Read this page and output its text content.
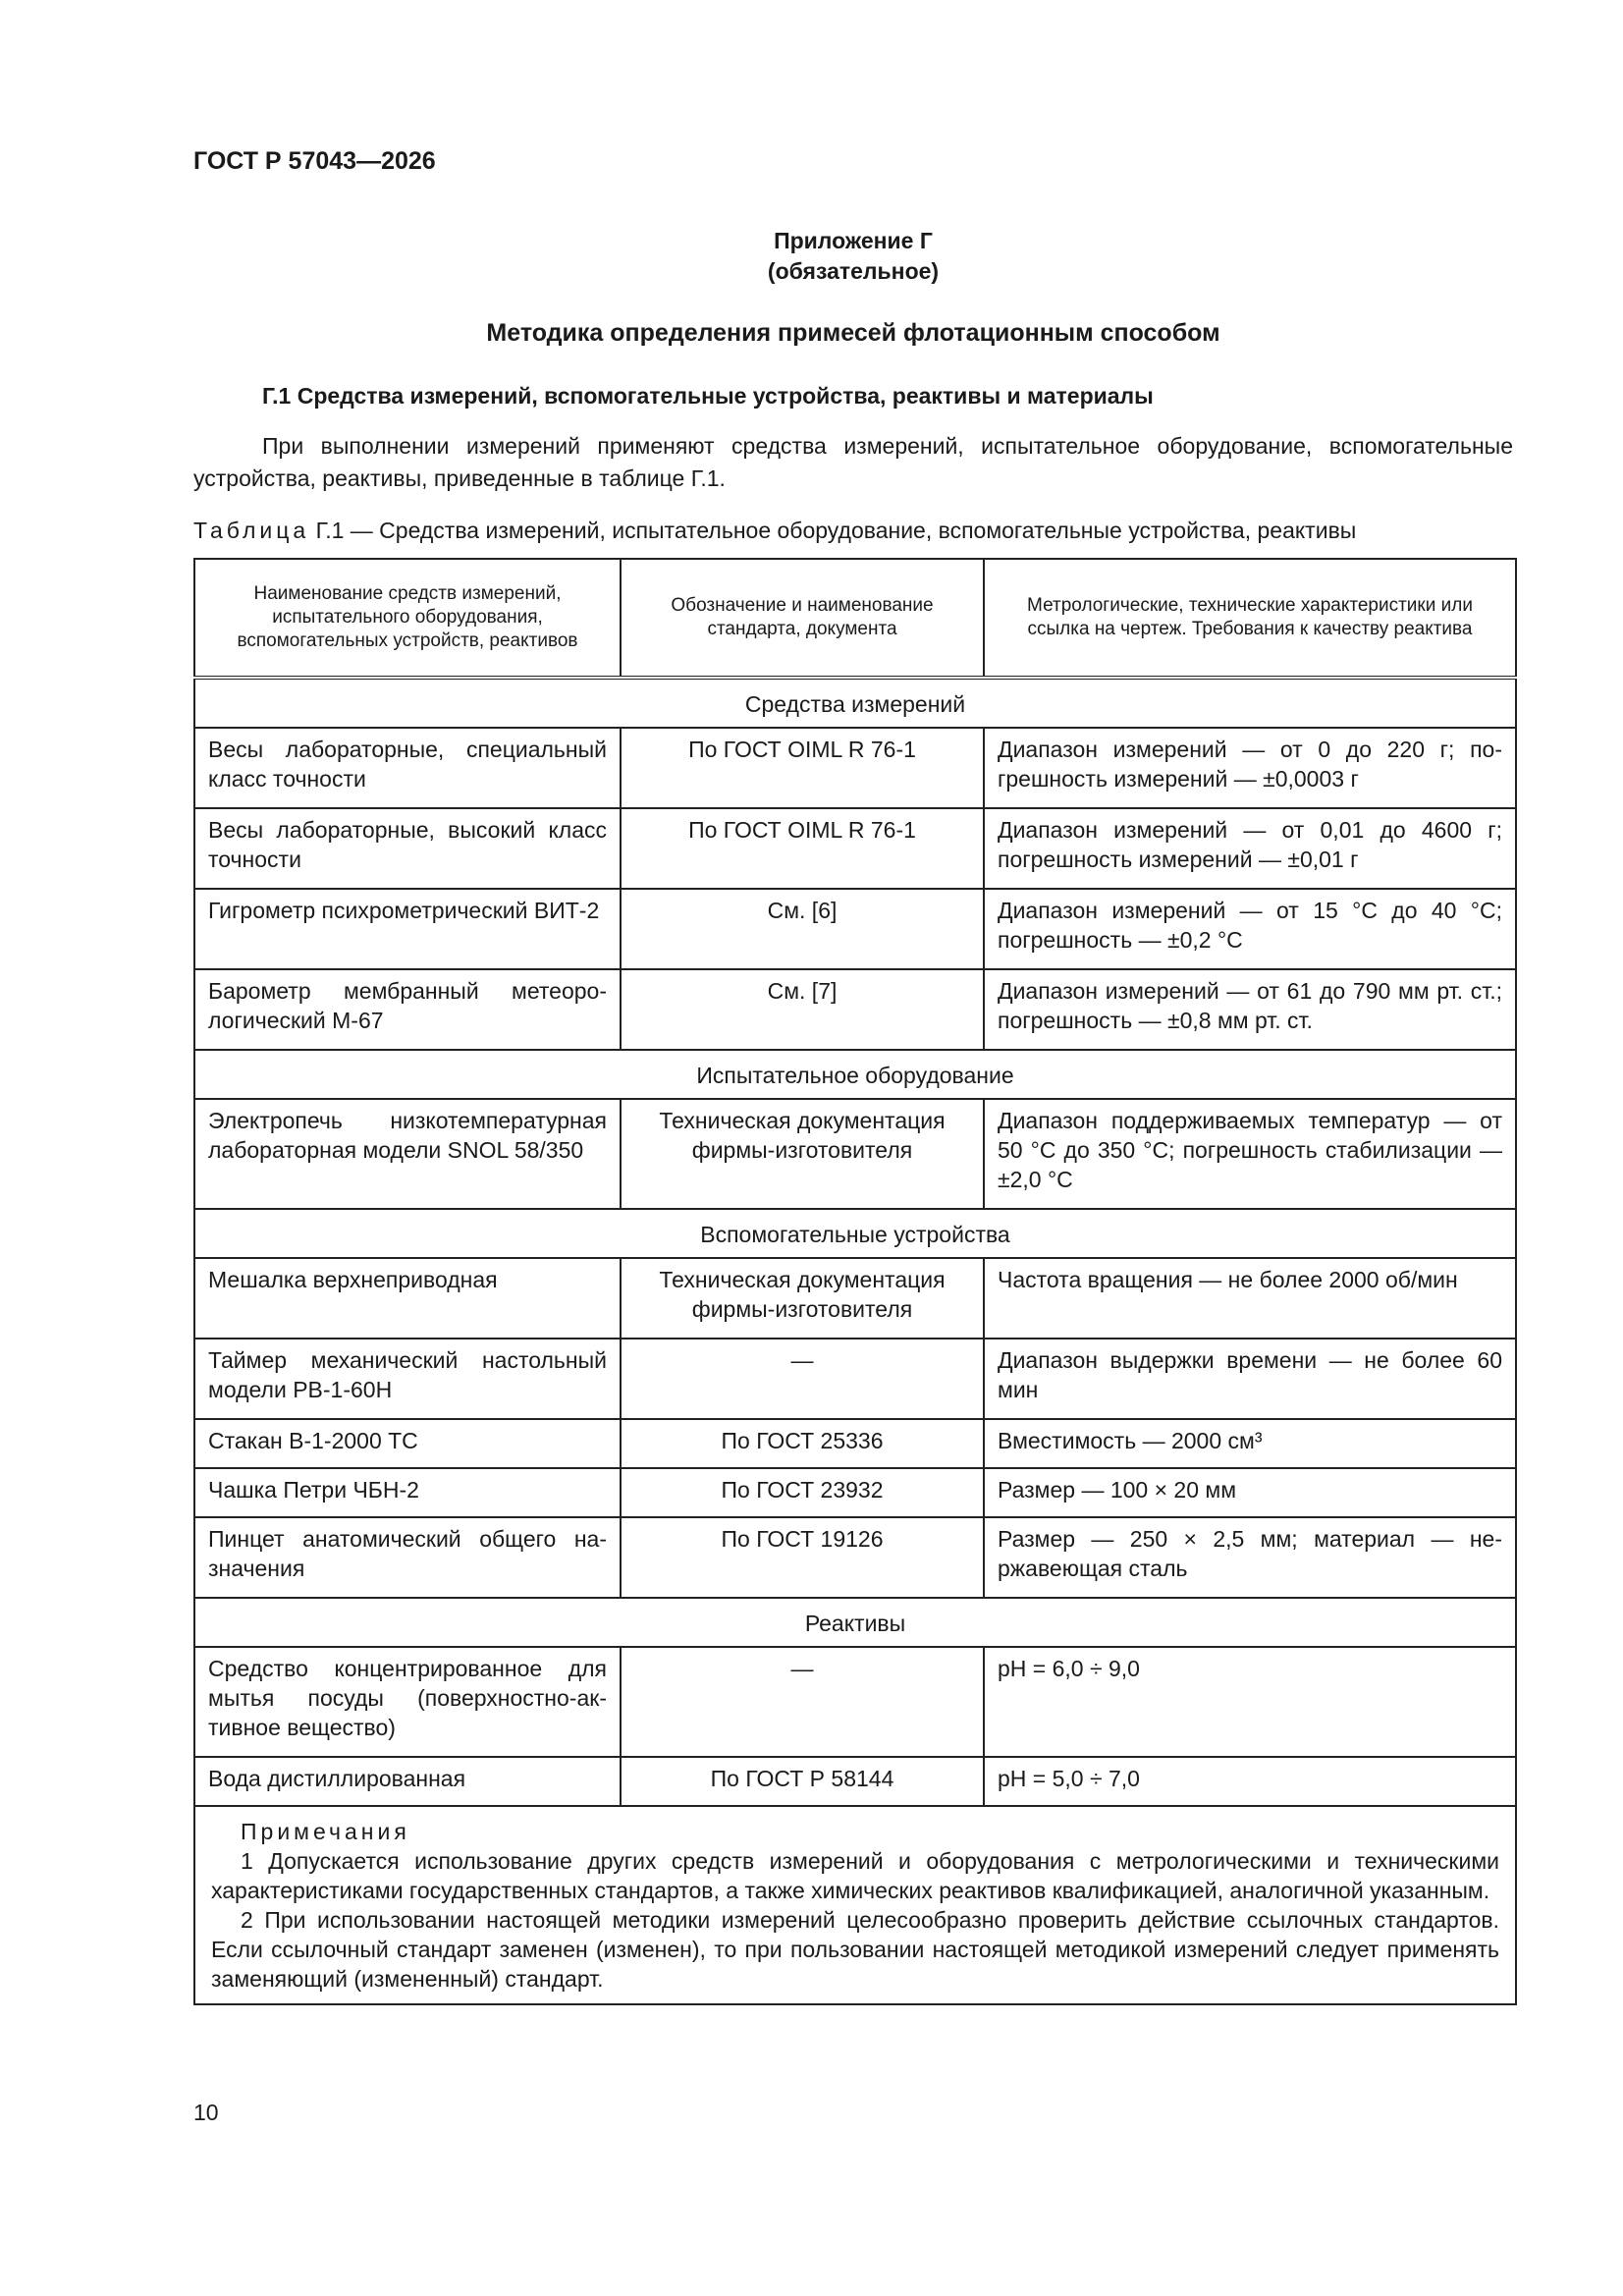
ГОСТ Р 57043—2026
Приложение Г
(обязательное)
Методика определения примесей флотационным способом
Г.1 Средства измерений, вспомогательные устройства, реактивы и материалы
При выполнении измерений применяют средства измерений, испытательное оборудование, вспомогательные устройства, реактивы, приведенные в таблице Г.1.
Таблица Г.1 — Средства измерений, испытательное оборудование, вспомогательные устройства, реактивы
Наименование средств измерений, испытательного оборудования, вспомогательных устройств, реактивов	Обозначение и наименование стандарта, документа	Метрологические, технические характеристики или ссылка на чертеж. Требования к качеству реактива
Средства измерений		
Весы лабораторные, специальный класс точности	По ГОСТ OIML R 76-1	Диапазон измерений — от 0 до 220 г; погрешность измерений — ±0,0003 г
Весы лабораторные, высокий класс точности	По ГОСТ OIML R 76-1	Диапазон измерений — от 0,01 до 4600 г; погрешность измерений — ±0,01 г
Гигрометр психрометрический ВИТ-2	См. [6]	Диапазон измерений — от 15 °С до 40 °С; погрешность — ±0,2 °С
Барометр мембранный метеорологический М-67	См. [7]	Диапазон измерений — от 61 до 790 мм рт. ст.; погрешность — ±0,8 мм рт. ст.
Испытательное оборудование		
Электропечь низкотемпературная лабораторная модели SNOL 58/350	Техническая документация фирмы-изготовителя	Диапазон поддерживаемых температур — от 50 °С до 350 °С; погрешность стабилизации — ±2,0 °С
Вспомогательные устройства		
Мешалка верхнеприводная	Техническая документация фирмы-изготовителя	Частота вращения — не более 2000 об/мин
Таймер механический настольный модели РВ-1-60Н	—	Диапазон выдержки времени — не более 60 мин
Стакан В-1-2000 ТС	По ГОСТ 25336	Вместимость — 2000 см³
Чашка Петри ЧБН-2	По ГОСТ 23932	Размер — 100 × 20 мм
Пинцет анатомический общего назначения	По ГОСТ 19126	Размер — 250 × 2,5 мм; материал — нержавеющая сталь
Реактивы		
Средство концентрированное для мытья посуды (поверхностно-активное вещество)	—	pH = 6,0 ÷ 9,0
Вода дистиллированная	По ГОСТ Р 58144	pH = 5,0 ÷ 7,0

Примечания
1 Допускается использование других средств измерений и оборудования с метрологическими и техническими характеристиками государственных стандартов, а также химических реактивов квалификацией, аналогичной указанным.
2 При использовании настоящей методики измерений целесообразно проверить действие ссылочных стандартов. Если ссылочный стандарт заменен (изменен), то при пользовании настоящей методикой измерений следует применять заменяющий (измененный) стандарт.		
10
